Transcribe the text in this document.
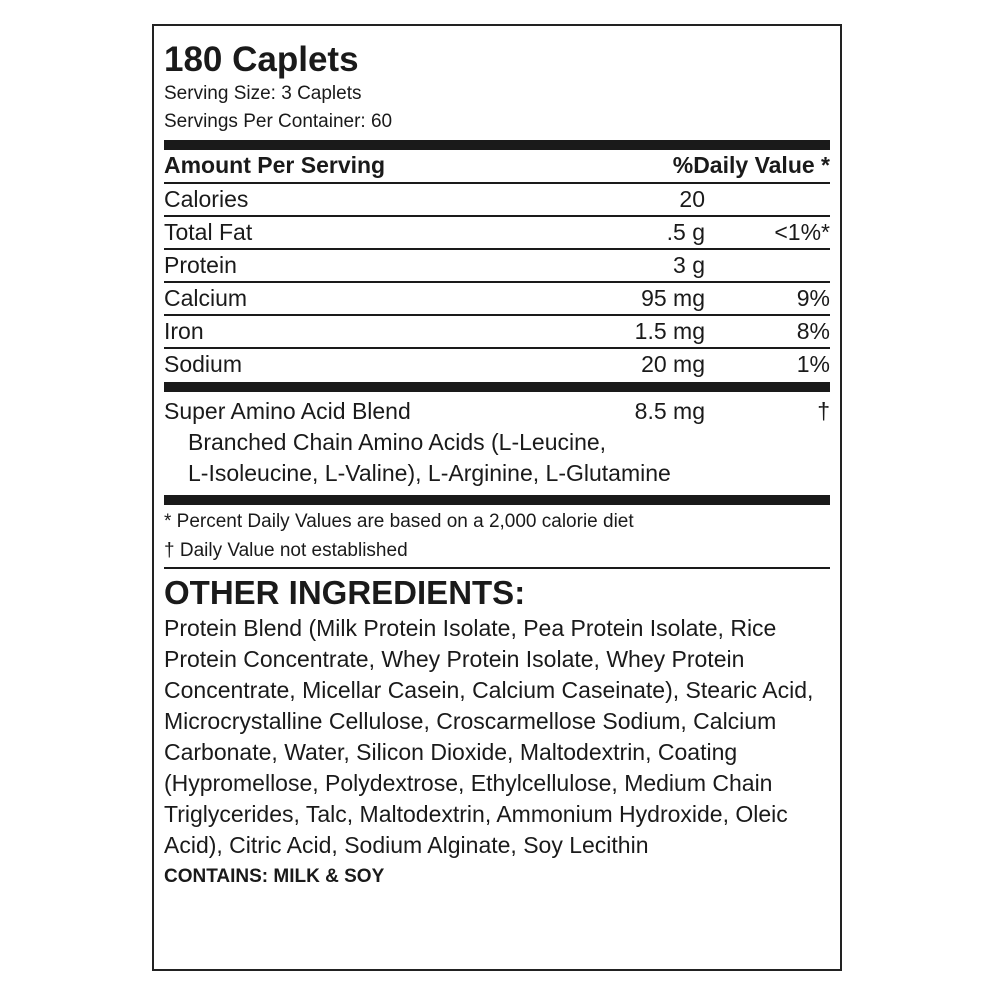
180 Caplets
Serving Size: 3 Caplets
Servings Per Container: 60
Amount Per Serving	%Daily Value *
Calories	20
Total Fat	.5 g	<1%*
Protein	3 g
Calcium	95 mg	9%
Iron	1.5 mg	8%
Sodium	20 mg	1%
Super Amino Acid Blend	8.5 mg	†
Branched Chain Amino Acids (L-Leucine,
L-Isoleucine, L-Valine), L-Arginine, L-Glutamine
* Percent Daily Values are based on a 2,000 calorie diet
† Daily Value not established
OTHER INGREDIENTS:
Protein Blend (Milk Protein Isolate, Pea Protein Isolate, Rice Protein Concentrate, Whey Protein Isolate, Whey Protein Concentrate, Micellar Casein, Calcium Caseinate), Stearic Acid, Microcrystalline Cellulose, Croscarmellose Sodium, Calcium Carbonate, Water, Silicon Dioxide, Maltodextrin, Coating (Hypromellose, Polydextrose, Ethylcellulose, Medium Chain Triglycerides, Talc, Maltodextrin, Ammonium Hydroxide, Oleic Acid), Citric Acid, Sodium Alginate, Soy Lecithin
CONTAINS: MILK & SOY
